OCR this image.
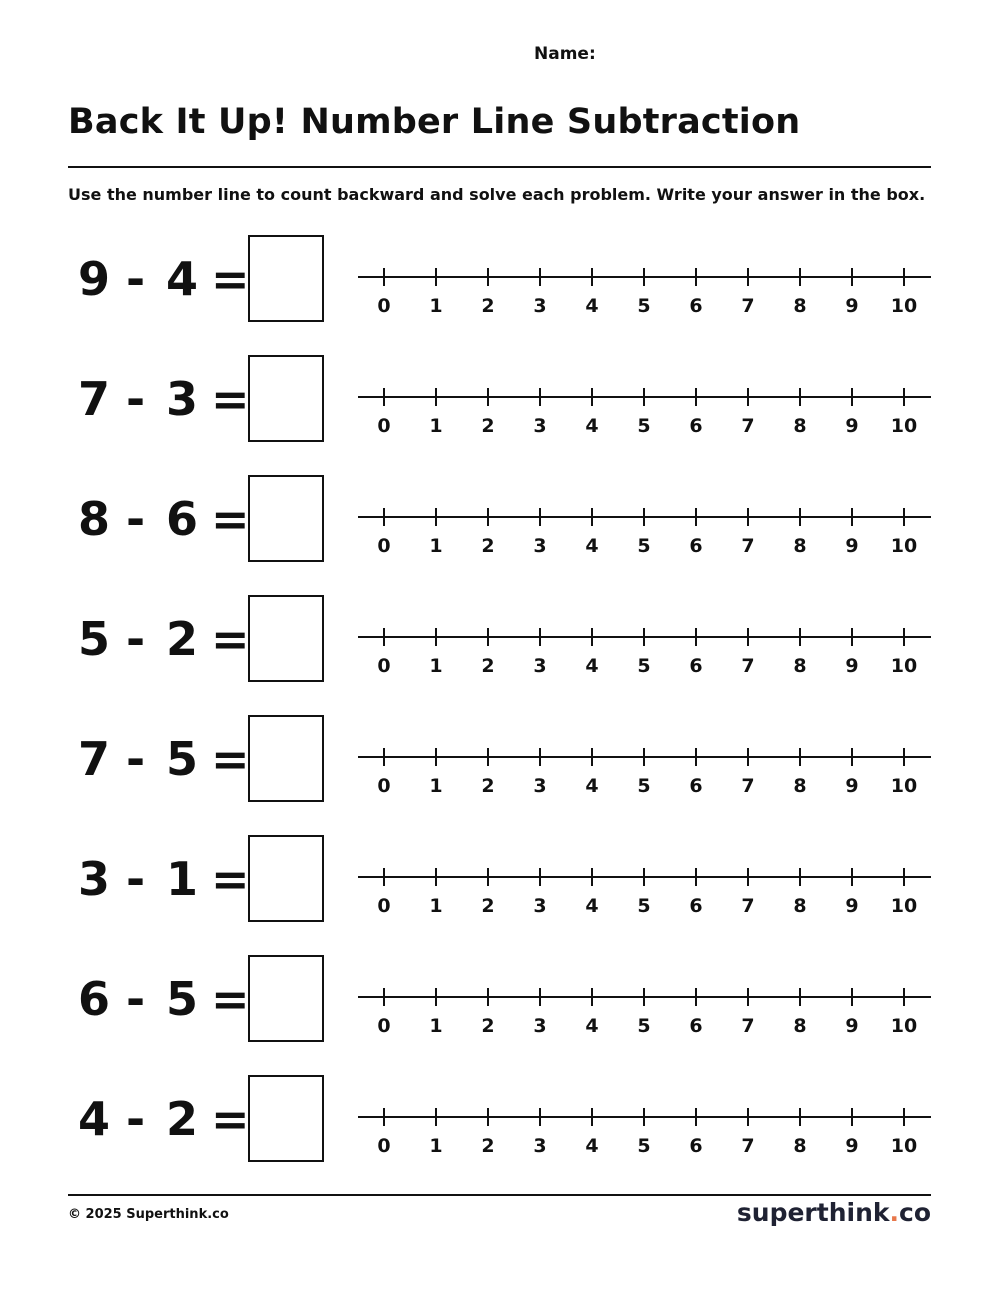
Name:
Back It Up! Number Line Subtraction
Use the number line to count backward and solve each problem. Write your answer in the box.
9 - 4 =	0	1	2	3	4	5	6	7	8	9	10
7 - 3 =	0	1	2	3	4	5	6	7	8	9	10
8 - 6 =	0	1	2	3	4	5	6	7	8	9	10
5 - 2 =	0	1	2	3	4	5	6	7	8	9	10
7 - 5 =	0	1	2	3	4	5	6	7	8	9	10
3 - 1 =	0	1	2	3	4	5	6	7	8	9	10
6 - 5 =	0	1	2	3	4	5	6	7	8	9	10
4 - 2 =	0	1	2	3	4	5	6	7	8	9	10
© 2025 Superthink.co	superthink.co
